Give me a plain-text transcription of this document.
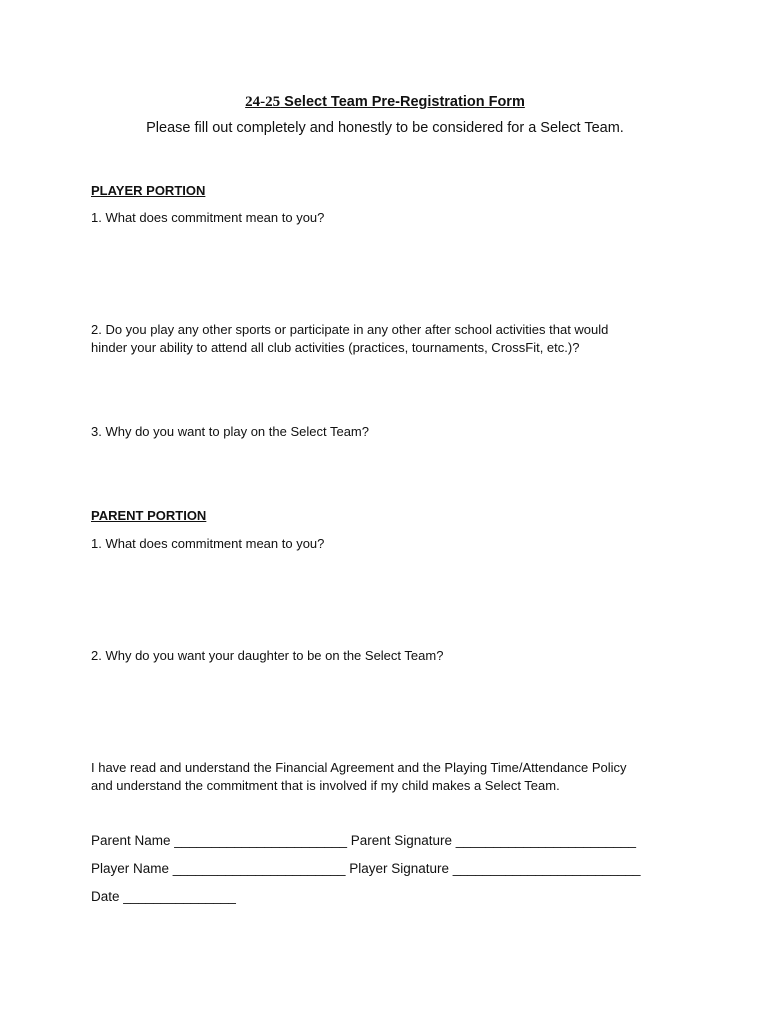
24-25 Select Team Pre-Registration Form
Please fill out completely and honestly to be considered for a Select Team.
PLAYER PORTION
1. What does commitment mean to you?
2. Do you play any other sports or participate in any other after school activities that would
hinder your ability to attend all club activities (practices, tournaments, CrossFit, etc.)?
3. Why do you want to play on the Select Team?
PARENT PORTION
1. What does commitment mean to you?
2. Why do you want your daughter to be on the Select Team?
I have read and understand the Financial Agreement and the Playing Time/Attendance Policy
and understand the commitment that is involved if my child makes a Select Team.
Parent Name _______________________ Parent Signature ________________________
Player Name _______________________ Player Signature _________________________
Date _______________
